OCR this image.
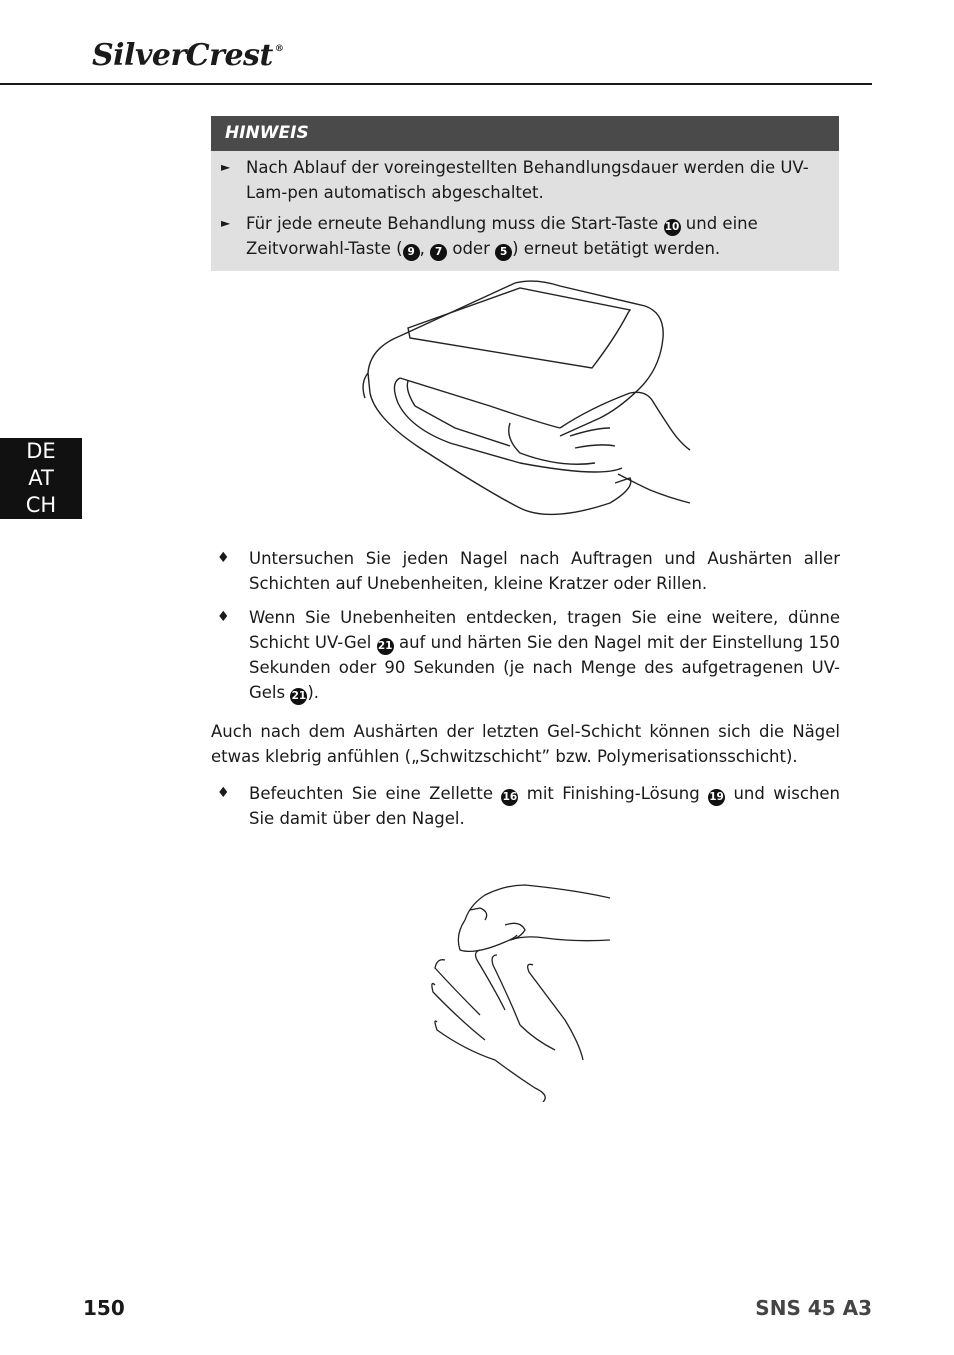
SilverCrest ®
HINWEIS
► Nach Ablauf der voreingestellten Behandlungsdauer werden die UV-Lam-pen automatisch abgeschaltet.
► Für jede erneute Behandlung muss die Start-Taste 10 und eine Zeitvorwahl-Taste ( 9 , 7 oder 5 ) erneut betätigt werden.
DE
AT
CH
♦ Untersuchen Sie jeden Nagel nach Auftragen und Aushärten aller Schichten auf Unebenheiten, kleine Kratzer oder Rillen.
♦ Wenn Sie Unebenheiten entdecken, tragen Sie eine weitere, dünne Schicht UV-Gel 21 auf und härten Sie den Nagel mit der Einstellung 150 Sekunden oder 90 Sekunden (je nach Menge des aufgetragenen UV-Gels 21).
Auch nach dem Aushärten der letzten Gel-Schicht können sich die Nägel etwas klebrig anfühlen („Schwitzschicht” bzw. Polymerisationsschicht).
♦ Befeuchten Sie eine Zellette 16 mit Finishing-Lösung 19 und wischen Sie damit über den Nagel.
150	SNS 45 A3
